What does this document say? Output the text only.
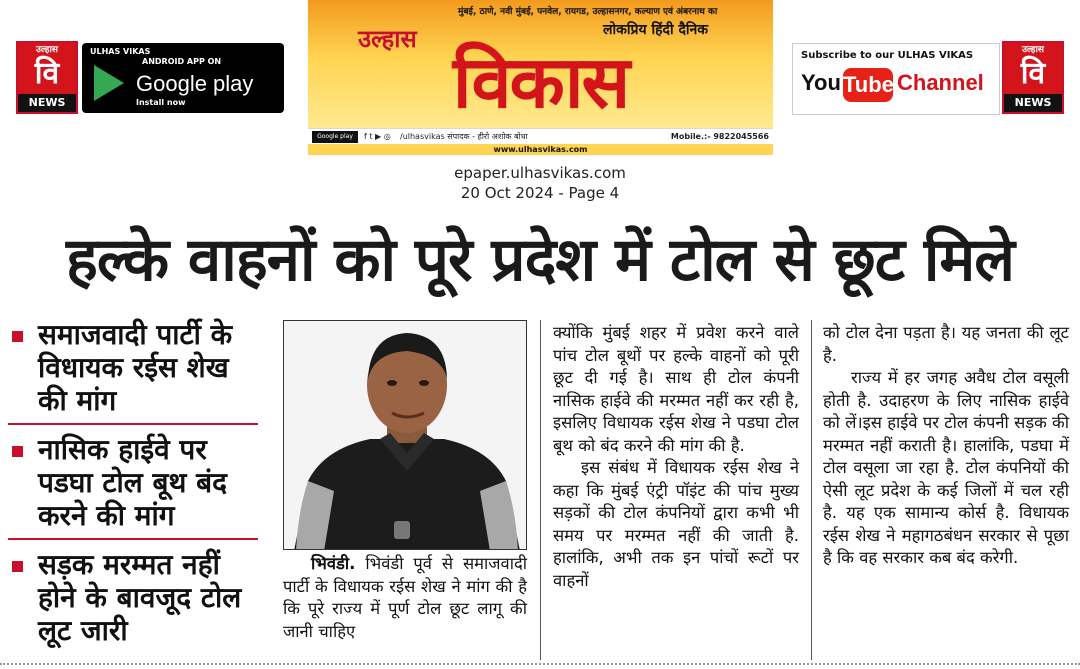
उल्हास
वि
NEWS
ULHAS VIKAS
ANDROID APP ON
Google play
Install now
मुंबई, ठाणे, नवी मुंबई, पनवेल, रायगड, उल्हासनगर, कल्याण एवं अंबरनाथ का
लोकप्रिय हिंदी दैनिक
उल्हास
विकास
Google play	f t ▶ ◎ /ulhasvikas संपादक - हीरो अशोक बोधा	Mobile.:- 9822045566
www.ulhasvikas.com
Subscribe to our ULHAS VIKAS
You Tube Channel
उल्हास
वि
NEWS
epaper.ulhasvikas.com
20 Oct 2024 - Page 4
हल्के वाहनों को पूरे प्रदेश में टोल से छूट मिले
समाजवादी पार्टी के विधायक रईस शेख की मांग
नासिक हाईवे पर पडघा टोल बूथ बंद करने की मांग
सड़क मरम्मत नहीं होने के बावजूद टोल लूट जारी

भिवंडी. भिवंडी पूर्व से समाजवादी पार्टी के विधायक रईस शेख ने मांग की है कि पूरे राज्य में पूर्ण टोल छूट लागू की जानी चाहिए

क्योंकि मुंबई शहर में प्रवेश करने वाले पांच टोल बूथों पर हल्के वाहनों को पूरी छूट दी गई है। साथ ही टोल कंपनी नासिक हाईवे की मरम्मत नहीं कर रही है, इसलिए विधायक रईस शेख ने पडघा टोल बूथ को बंद करने की मांग की है.

इस संबंध में विधायक रईस शेख ने कहा कि मुंबई एंट्री पॉइंट की पांच मुख्य सड़कों की टोल कंपनियों द्वारा कभी भी समय पर मरम्मत नहीं की जाती है. हालांकि, अभी तक इन पांचों रूटों पर वाहनों

को टोल देना पड़ता है। यह जनता की लूट है.

राज्य में हर जगह अवैध टोल वसूली होती है. उदाहरण के लिए नासिक हाईवे को लें।इस हाईवे पर टोल कंपनी सड़क की मरम्मत नहीं कराती है। हालांकि, पडघा में टोल वसूला जा रहा है. टोल कंपनियों की ऐसी लूट प्रदेश के कई जिलों में चल रही है. यह एक सामान्य कोर्स है. विधायक रईस शेख ने महागठबंधन सरकार से पूछा है कि वह सरकार कब बंद करेगी.
